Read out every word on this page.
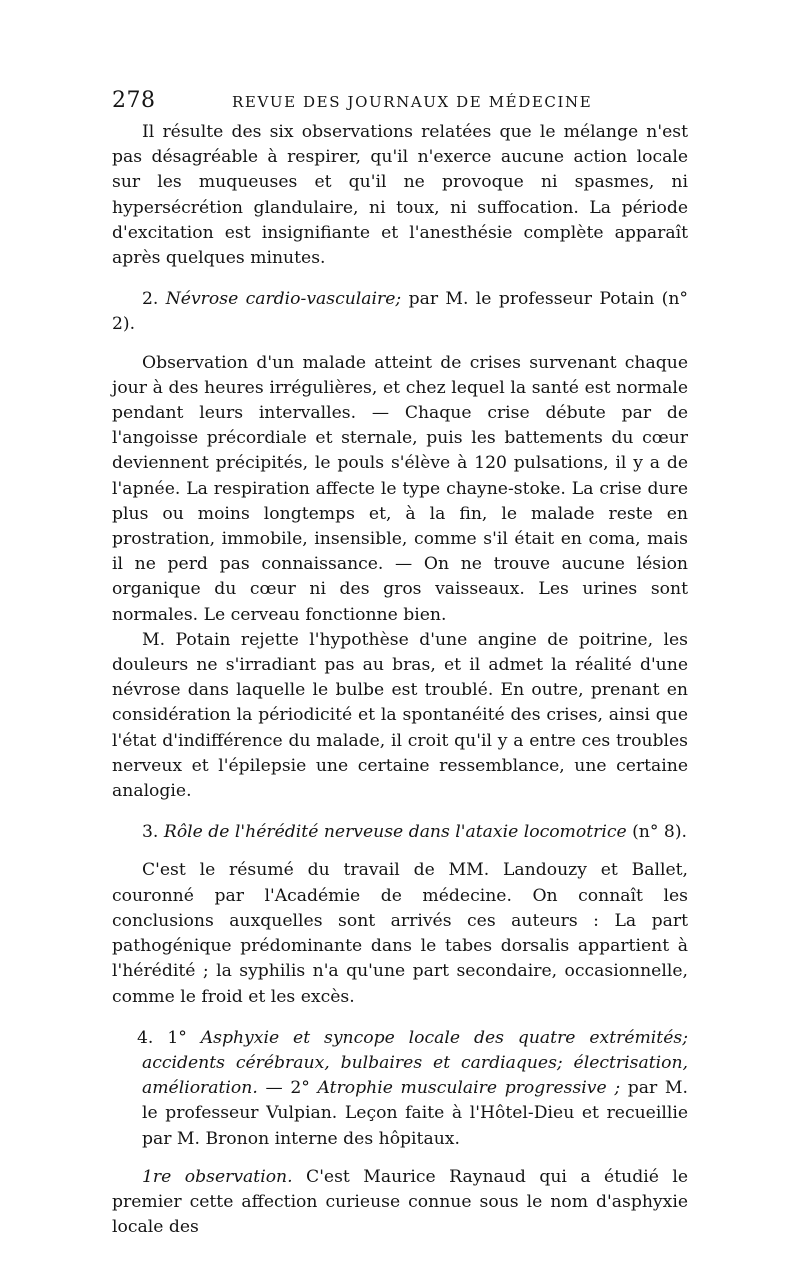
278	REVUE DES JOURNAUX DE MÉDECINE

Il résulte des six observations relatées que le mélange n'est pas désagréable à respirer, qu'il n'exerce aucune action locale sur les muqueuses et qu'il ne provoque ni spasmes, ni hypersécrétion glandulaire, ni toux, ni suffocation. La période d'excitation est insignifiante et l'anesthésie complète apparaît après quelques minutes.

2. Névrose cardio-vasculaire; par M. le professeur Potain (n° 2).

Observation d'un malade atteint de crises survenant chaque jour à des heures irrégulières, et chez lequel la santé est normale pendant leurs intervalles. — Chaque crise débute par de l'angoisse précordiale et sternale, puis les battements du cœur deviennent précipités, le pouls s'élève à 120 pulsations, il y a de l'apnée. La respiration affecte le type chayne-stoke. La crise dure plus ou moins longtemps et, à la fin, le malade reste en prostration, immobile, insensible, comme s'il était en coma, mais il ne perd pas connaissance. — On ne trouve aucune lésion organique du cœur ni des gros vaisseaux. Les urines sont normales. Le cerveau fonctionne bien.

M. Potain rejette l'hypothèse d'une angine de poitrine, les douleurs ne s'irradiant pas au bras, et il admet la réalité d'une névrose dans laquelle le bulbe est troublé. En outre, prenant en considération la périodicité et la spontanéité des crises, ainsi que l'état d'indifférence du malade, il croit qu'il y a entre ces troubles nerveux et l'épilepsie une certaine ressemblance, une certaine analogie.

3. Rôle de l'hérédité nerveuse dans l'ataxie locomotrice (n° 8).

C'est le résumé du travail de MM. Landouzy et Ballet, couronné par l'Académie de médecine. On connaît les conclusions auxquelles sont arrivés ces auteurs : La part pathogénique prédominante dans le tabes dorsalis appartient à l'hérédité ; la syphilis n'a qu'une part secondaire, occasionnelle, comme le froid et les excès.

4. 1° Asphyxie et syncope locale des quatre extrémités; accidents cérébraux, bulbaires et cardiaques; électrisation, amélioration. — 2° Atrophie musculaire progressive ; par M. le professeur Vulpian. Leçon faite à l'Hôtel-Dieu et recueillie par M. Bronon interne des hôpitaux.

1re observation. C'est Maurice Raynaud qui a étudié le premier cette affection curieuse connue sous le nom d'asphyxie locale des
